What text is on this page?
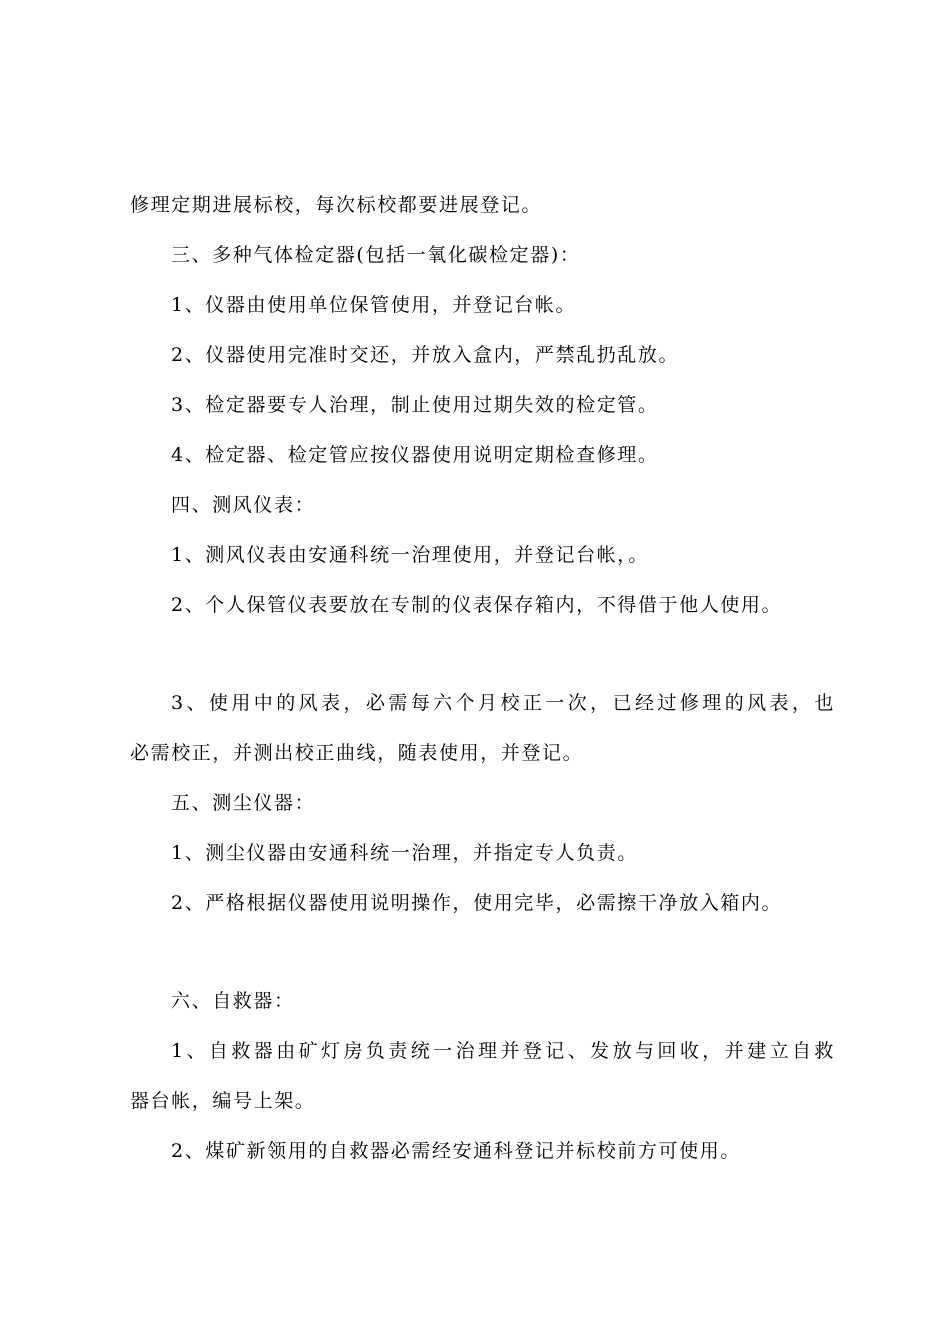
修理定期进展标校，每次标校都要进展登记。
三、多种气体检定器(包括一氧化碳检定器)：
1、仪器由使用单位保管使用，并登记台帐。
2、仪器使用完准时交还，并放入盒内，严禁乱扔乱放。
3、检定器要专人治理，制止使用过期失效的检定管。
4、检定器、检定管应按仪器使用说明定期检查修理。
四、测风仪表：
1、测风仪表由安通科统一治理使用，并登记台帐，。
2、个人保管仪表要放在专制的仪表保存箱内，不得借于他人使用。
3、使用中的风表，必需每六个月校正一次，已经过修理的风表，也
必需校正，并测出校正曲线，随表使用，并登记。
五、测尘仪器：
1、测尘仪器由安通科统一治理，并指定专人负责。
2、严格根据仪器使用说明操作，使用完毕，必需擦干净放入箱内。
六、自救器：
1、自救器由矿灯房负责统一治理并登记、发放与回收，并建立自救
器台帐，编号上架。
2、煤矿新领用的自救器必需经安通科登记并标校前方可使用。
